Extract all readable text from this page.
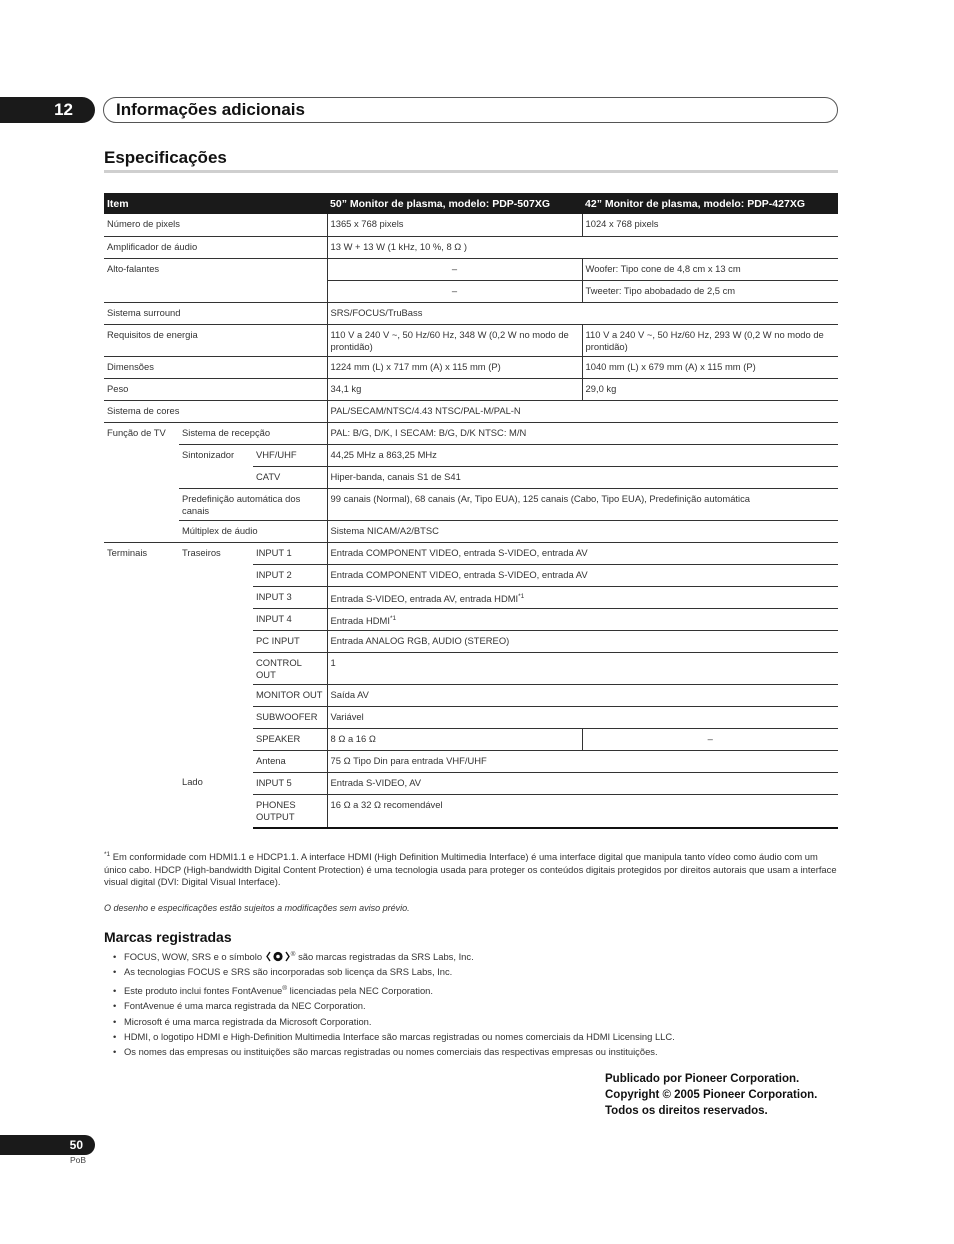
12	Informações adicionais
Especificações
Item			50” Monitor de plasma, modelo: PDP-507XG	42” Monitor de plasma, modelo: PDP-427XG
Número de pixels			1365 x 768 pixels	1024 x 768 pixels
Amplificador de áudio			13 W + 13 W (1 kHz, 10 %, 8 Ω )	
Alto-falantes			–	Woofer: Tipo cone de 4,8 cm x 13 cm
			–	Tweeter: Tipo abobadado de 2,5 cm
Sistema surround			SRS/FOCUS/TruBass	
Requisitos de energia			110 V a 240 V ~, 50 Hz/60 Hz, 348 W (0,2 W no modo de prontidão)	110 V a 240 V ~, 50 Hz/60 Hz, 293 W (0,2 W no modo de prontidão)
Dimensões			1224 mm (L) x 717 mm (A) x 115 mm (P)	1040 mm (L) x 679 mm (A) x 115 mm (P)
Peso			34,1 kg	29,0 kg
Sistema de cores			PAL/SECAM/NTSC/4.43 NTSC/PAL-M/PAL-N	
Função de TV	Sistema de recepção		PAL: B/G, D/K, I SECAM: B/G, D/K NTSC: M/N	
	Sintonizador	VHF/UHF	44,25 MHz a 863,25 MHz	
		CATV	Hiper-banda, canais S1 de S41	
	Predefinição automática dos canais		99 canais (Normal), 68 canais (Ar, Tipo EUA), 125 canais (Cabo, Tipo EUA), Predefinição automática	
	Múltiplex de áudio		Sistema NICAM/A2/BTSC	
Terminais	Traseiros	INPUT 1	Entrada COMPONENT VIDEO, entrada S-VIDEO, entrada AV	
		INPUT 2	Entrada COMPONENT VIDEO, entrada S-VIDEO, entrada AV	
		INPUT 3	Entrada S-VIDEO, entrada AV, entrada HDMI$^{*1}$
		INPUT 4	Entrada HDMI$^{*1}$
		PC INPUT	Entrada ANALOG RGB, AUDIO (STEREO)	
		CONTROL OUT	1	
		MONITOR OUT	Saída AV	
		SUBWOOFER	Variável	
		SPEAKER	8 Ω a 16 Ω	–
		Antena	75 Ω Tipo Din para entrada VHF/UHF	
	Lado	INPUT 5	Entrada S-VIDEO, AV	
		PHONES OUTPUT	16 Ω a 32 Ω recomendável	
$^{*1}$ Em conformidade com HDMI1.1 e HDCP1.1. A interface HDMI (High Definition Multimedia Interface) é uma interface digital que manipula tanto vídeo como áudio com um único cabo. HDCP (High-bandwidth Digital Content Protection) é uma tecnologia usada para proteger os conteúdos digitais protegidos por direitos autorais que usam a interface visual digital (DVI: Digital Visual Interface).
O desenho e especificações estão sujeitos a modificações sem aviso prévio.
Marcas registradas
• FOCUS, WOW, SRS e o símbolo	® são marcas registradas da SRS Labs, Inc.
• As tecnologias FOCUS e SRS são incorporadas sob licença da SRS Labs, Inc.
• Este produto inclui fontes FontAvenue® licenciadas pela NEC Corporation.
• FontAvenue é uma marca registrada da NEC Corporation.
• Microsoft é uma marca registrada da Microsoft Corporation.
• HDMI, o logotipo HDMI e High-Definition Multimedia Interface são marcas registradas ou nomes comerciais da HDMI Licensing LLC.
• Os nomes das empresas ou instituições são marcas registradas ou nomes comerciais das respectivas empresas ou instituições.
Publicado por Pioneer Corporation.
Copyright © 2005 Pioneer Corporation.
Todos os direitos reservados.
50
PoB
